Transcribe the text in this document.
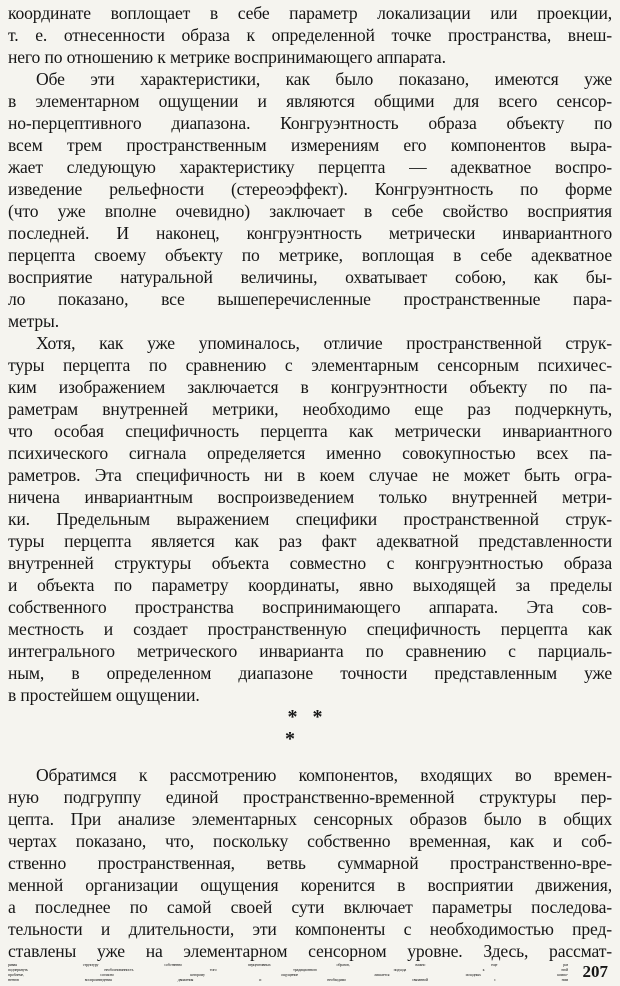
координате воплощает в себе параметр локализации или проекции,
т. е. отнесенности образа к определенной точке пространства, внеш-
него по отношению к метрике воспринимающего аппарата.
Обе эти характеристики, как было показано, имеются уже
в элементарном ощущении и являются общими для всего сенсор-
но-перцептивного диапазона. Конгруэнтность образа объекту по
всем трем пространственным измерениям его компонентов выра-
жает следующую характеристику перцепта — адекватное воспро-
изведение рельефности (стереоэффект). Конгруэнтность по форме
(что уже вполне очевидно) заключает в себе свойство восприятия
последней. И наконец, конгруэнтность метрически инвариантного
перцепта своему объекту по метрике, воплощая в себе адекватное
восприятие натуральной величины, охватывает собою, как бы-
ло показано, все вышеперечисленные пространственные пара-
метры.
Хотя, как уже упоминалось, отличие пространственной струк-
туры перцепта по сравнению с элементарным сенсорным психичес-
ким изображением заключается в конгруэнтности объекту по па-
раметрам внутренней метрики, необходимо еще раз подчеркнуть,
что особая специфичность перцепта как метрически инвариантного
психического сигнала определяется именно совокупностью всех па-
раметров. Эта специфичность ни в коем случае не может быть огра-
ничена инвариантным воспроизведением только внутренней метри-
ки. Предельным выражением специфики пространственной струк-
туры перцепта является как раз факт адекватной представленности
внутренней структуры объекта совместно с конгруэнтностью образа
и объекта по параметру координаты, явно выходящей за пределы
собственного пространства воспринимающего аппарата. Эта сов-
местность и создает пространственную специфичность перцепта как
интегрального метрического инварианта по сравнению с парциаль-
ным, в определенном диапазоне точности представленным уже
в простейшем ощущении.
*   *
*
Обратимся к рассмотрению компонентов, входящих во времен-
ную подгруппу единой пространственно-временной структуры пер-
цепта. При анализе элементарных сенсорных образов было в общих
чертах показано, что, поскольку собственно временная, как и соб-
ственно пространственная, ветвь суммарной пространственно-вре-
менной организации ощущения коренится в восприятии движения,
а последнее по самой своей сути включает параметры последова-
тельности и длительности, эти компоненты с необходимостью пред-
ставлены уже на элементарном сенсорном уровне. Здесь, рассмат-
ривая структуру собственно перцептивных образов, важно еще раз
подчеркнуть необоснованность того традиционного подхода к этой
проблеме, согласно которому ощущение лишается исходных компо-
нентов воспроизведения движения и необходимо связанной с ним 207
